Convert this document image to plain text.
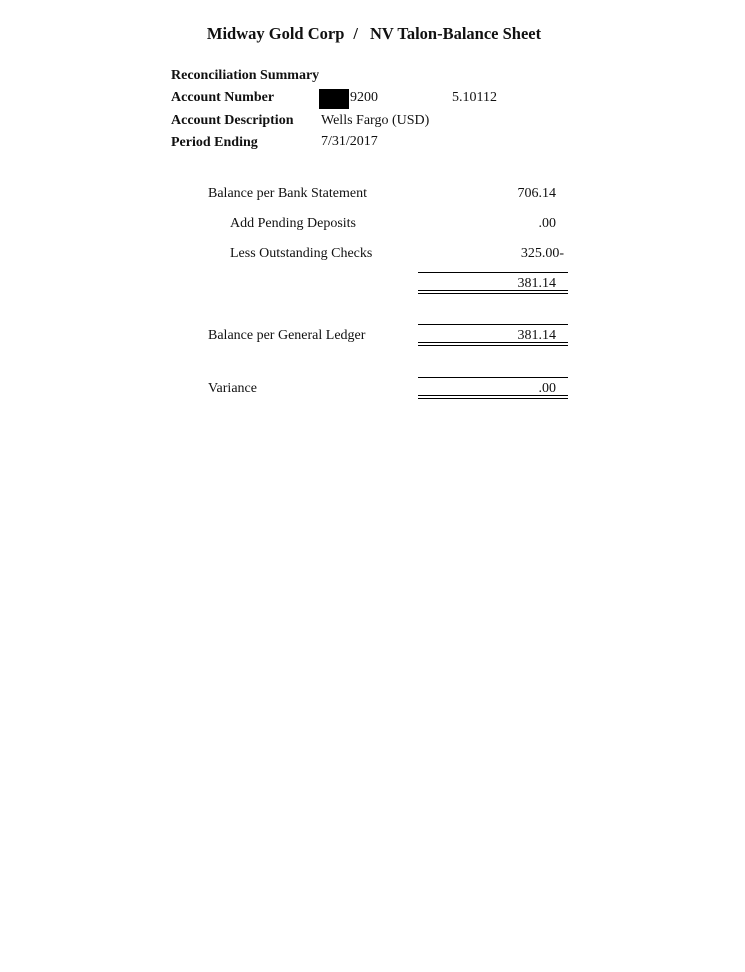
Midway Gold Corp / NV Talon-Balance Sheet
Reconciliation Summary
Account Number	9200	5.10112
Account Description Wells Fargo (USD)
Period Ending	7/31/2017
Balance per Bank Statement	706.14
Add Pending Deposits	.00
Less Outstanding Checks	325.00-
381.14
Balance per General Ledger	381.14
Variance	.00
